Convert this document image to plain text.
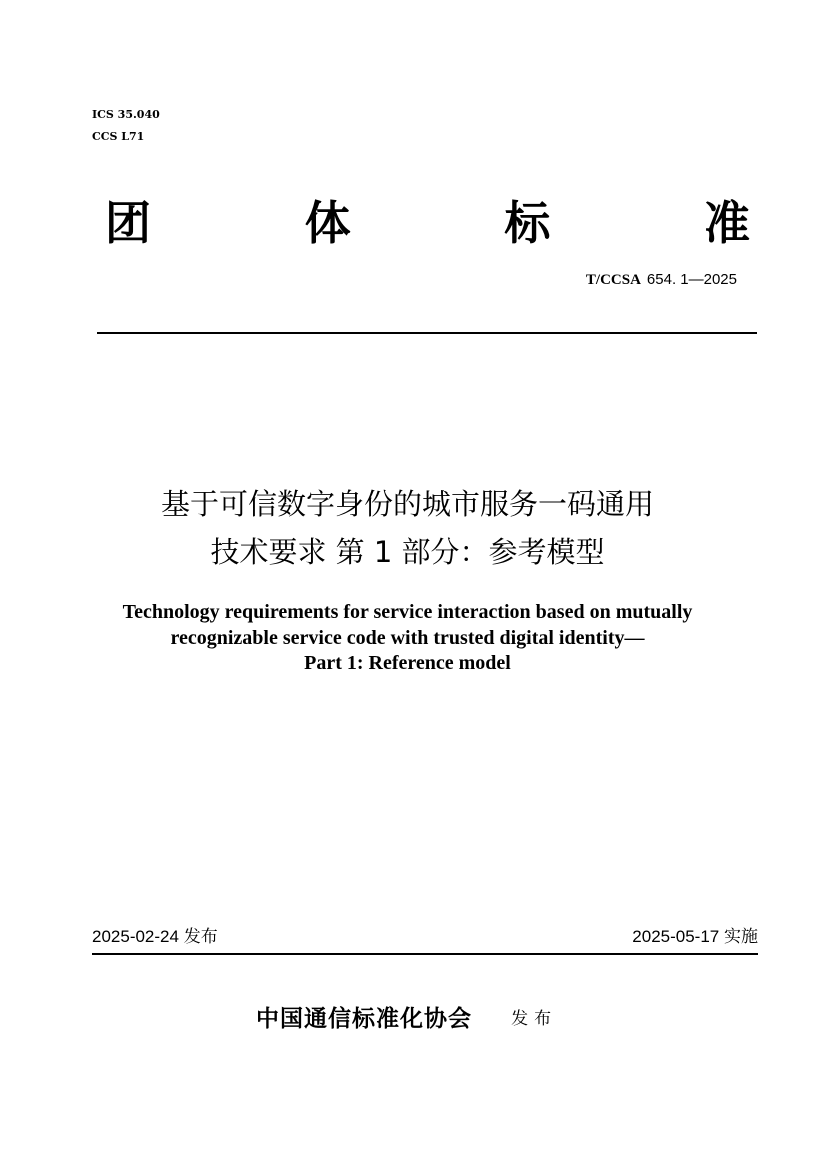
ICS 35.040
CCS L71
团	体	标	准
T/CCSA 654. 1—2025
基于可信数字身份的城市服务一码通用
技术要求 第 1 部分：参考模型
Technology requirements for service interaction based on mutually
recognizable service code with trusted digital identity—
Part 1: Reference model
2025-02-24 发布	2025-05-17 实施
中国通信标准化协会 发布
